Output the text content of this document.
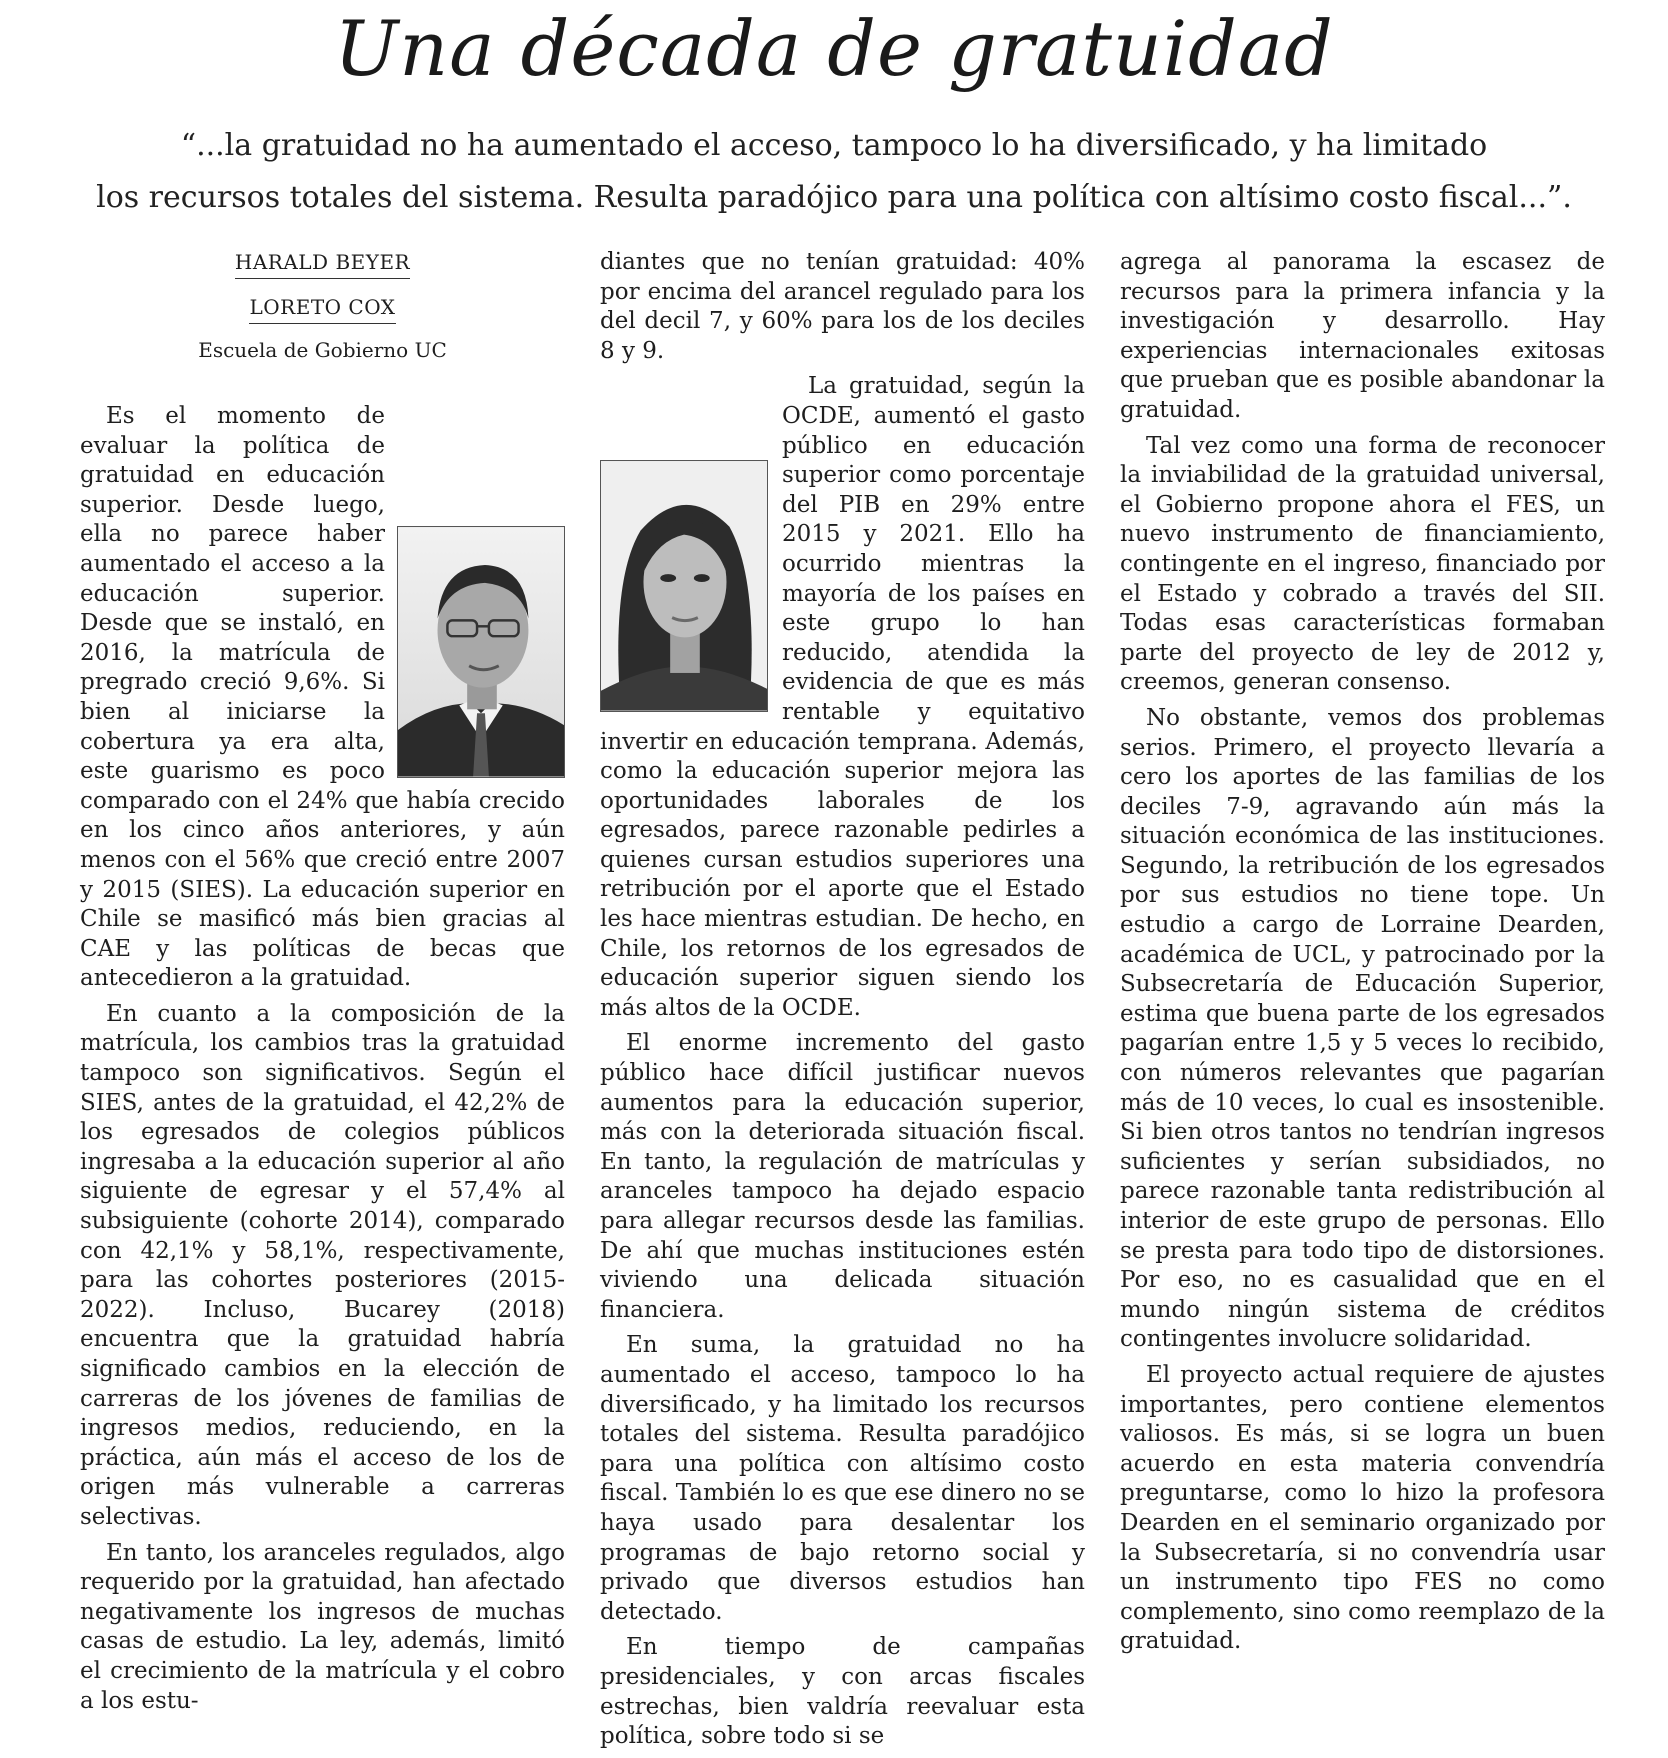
Una década de gratuidad
“...la gratuidad no ha aumentado el acceso, tampoco lo ha diversificado, y ha limitado
los recursos totales del sistema. Resulta paradójico para una política con altísimo costo fiscal...”.
HARALD BEYER
LORETO COX

Escuela de Gobierno UC

Es el momento de evaluar la política de gratuidad en educación superior. Desde luego, ella no parece haber aumentado el acceso a la educación superior. Desde que se instaló, en 2016, la matrícula de pregrado creció 9,6%. Si bien al iniciarse la cobertura ya era alta, este guarismo es poco comparado con el 24% que había crecido en los cinco años anteriores, y aún menos con el 56% que creció entre 2007 y 2015 (SIES). La educación superior en Chile se masificó más bien gracias al CAE y las políticas de becas que antecedieron a la gratuidad.

En cuanto a la composición de la matrícula, los cambios tras la gratuidad tampoco son significativos. Según el SIES, antes de la gratuidad, el 42,2% de los egresados de colegios públicos ingresaba a la educación superior al año siguiente de egresar y el 57,4% al subsiguiente (cohorte 2014), comparado con 42,1% y 58,1%, respectivamente, para las cohortes posteriores (2015-2022). Incluso, Bucarey (2018) encuentra que la gratuidad habría significado cambios en la elección de carreras de los jóvenes de familias de ingresos medios, reduciendo, en la práctica, aún más el acceso de los de origen más vulnerable a carreras selectivas.

En tanto, los aranceles regulados, algo requerido por la gratuidad, han afectado negativamente los ingresos de muchas casas de estudio. La ley, además, limitó el crecimiento de la matrícula y el cobro a los estu-

diantes que no tenían gratuidad: 40% por encima del arancel regulado para los del decil 7, y 60% para los de los deciles 8 y 9.

La gratuidad, según la OCDE, aumentó el gasto público en educación superior como porcentaje del PIB en 29% entre 2015 y 2021. Ello ha ocurrido mientras la mayoría de los países en este grupo lo han reducido, atendida la evidencia de que es más rentable y equitativo invertir en educación temprana. Además, como la educación superior mejora las oportunidades laborales de los egresados, parece razonable pedirles a quienes cursan estudios superiores una retribución por el aporte que el Estado les hace mientras estudian. De hecho, en Chile, los retornos de los egresados de educación superior siguen siendo los más altos de la OCDE.

El enorme incremento del gasto público hace difícil justificar nuevos aumentos para la educación superior, más con la deteriorada situación fiscal. En tanto, la regulación de matrículas y aranceles tampoco ha dejado espacio para allegar recursos desde las familias. De ahí que muchas instituciones estén viviendo una delicada situación financiera.

En suma, la gratuidad no ha aumentado el acceso, tampoco lo ha diversificado, y ha limitado los recursos totales del sistema. Resulta paradójico para una política con altísimo costo fiscal. También lo es que ese dinero no se haya usado para desalentar los programas de bajo retorno social y privado que diversos estudios han detectado.

En tiempo de campañas presidenciales, y con arcas fiscales estrechas, bien valdría reevaluar esta política, sobre todo si se

agrega al panorama la escasez de recursos para la primera infancia y la investigación y desarrollo. Hay experiencias internacionales exitosas que prueban que es posible abandonar la gratuidad.

Tal vez como una forma de reconocer la inviabilidad de la gratuidad universal, el Gobierno propone ahora el FES, un nuevo instrumento de financiamiento, contingente en el ingreso, financiado por el Estado y cobrado a través del SII. Todas esas características formaban parte del proyecto de ley de 2012 y, creemos, generan consenso.

No obstante, vemos dos problemas serios. Primero, el proyecto llevaría a cero los aportes de las familias de los deciles 7-9, agravando aún más la situación económica de las instituciones. Segundo, la retribución de los egresados por sus estudios no tiene tope. Un estudio a cargo de Lorraine Dearden, académica de UCL, y patrocinado por la Subsecretaría de Educación Superior, estima que buena parte de los egresados pagarían entre 1,5 y 5 veces lo recibido, con números relevantes que pagarían más de 10 veces, lo cual es insostenible. Si bien otros tantos no tendrían ingresos suficientes y serían subsidiados, no parece razonable tanta redistribución al interior de este grupo de personas. Ello se presta para todo tipo de distorsiones. Por eso, no es casualidad que en el mundo ningún sistema de créditos contingentes involucre solidaridad.

El proyecto actual requiere de ajustes importantes, pero contiene elementos valiosos. Es más, si se logra un buen acuerdo en esta materia convendría preguntarse, como lo hizo la profesora Dearden en el seminario organizado por la Subsecretaría, si no convendría usar un instrumento tipo FES no como complemento, sino como reemplazo de la gratuidad.
